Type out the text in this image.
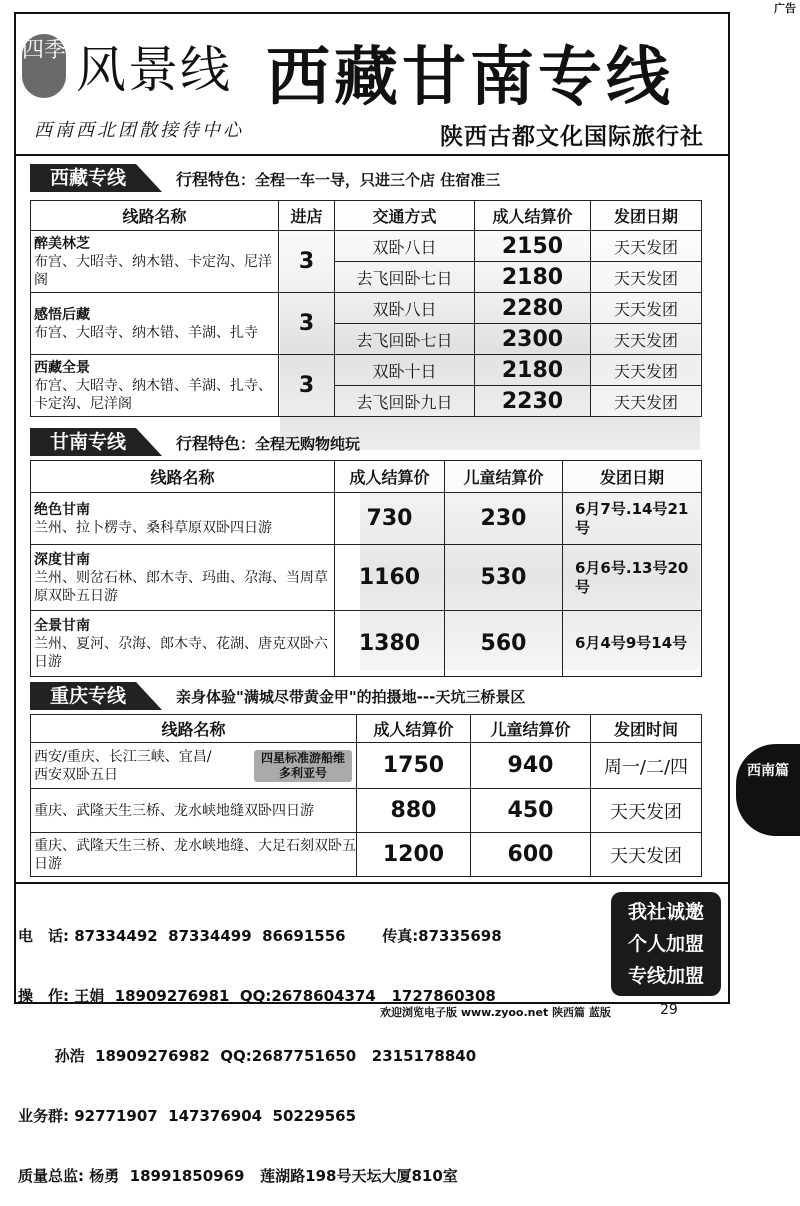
广告
四季 风景线 西藏甘南专线
西南西北团散接待中心	陕西古都文化国际旅行社
西藏专线	行程特色：全程一车一导，只进三个店 住宿准三
线路名称	进店	交通方式	成人结算价	发团日期

醉美林芝
布宫、大昭寺、纳木错、卡定沟、尼洋阁	3	双卧八日	2150	天天发团
		去飞回卧七日	2180	天天发团

感悟后藏
布宫、大昭寺、纳木错、羊湖、扎寺	3	双卧八日	2280	天天发团
		去飞回卧七日	2300	天天发团

西藏全景
布宫、大昭寺、纳木错、羊湖、扎寺、卡定沟、尼洋阁	3	双卧十日	2180	天天发团
		去飞回卧九日	2230	天天发团
甘南专线	行程特色：全程无购物纯玩
线路名称	成人结算价	儿童结算价	发团日期

绝色甘南
兰州、拉卜楞寺、桑科草原双卧四日游	730	230	6月7号.14号21号

深度甘南
兰州、则岔石林、郎木寺、玛曲、尕海、当周草原双卧五日游	1160	530	6月6号.13号20号

全景甘南
兰州、夏河、尕海、郎木寺、花湖、唐克双卧六日游	1380	560	6月4号9号14号
重庆专线	亲身体验"满城尽带黄金甲"的拍摄地---天坑三桥景区
线路名称	成人结算价	儿童结算价	发团时间

西安/重庆、长江三峡、宜昌/西安双卧五日
四星标准游船维多利亚号	1750	940	周一/二/四
重庆、武隆天生三桥、龙水峡地缝双卧四日游	880	450	天天发团
重庆、武隆天生三桥、龙水峡地缝、大足石刻双卧五日游	1200	600	天天发团

电　话: 87334492  87334499  86691556 传真:87335698

操　作: 王娟  18909276981  QQ:2678604374   1727860308

孙浩  18909276982  QQ:2687751650   2315178840

业务群: 92771907  147376904  50229565

质量总监: 杨勇  18991850969   莲湖路198号天坛大厦810室

我社诚邀
个人加盟
专线加盟
西南篇
欢迎浏览电子版 www.zyoo.net 陕西篇 蓝版	29
